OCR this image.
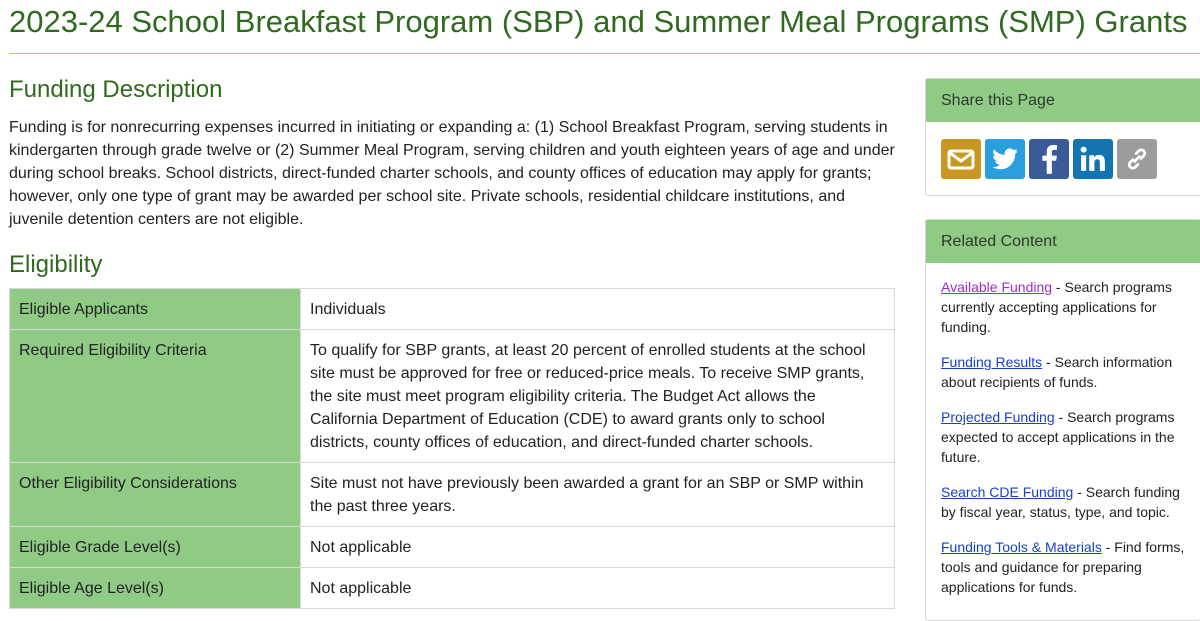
2023-24 School Breakfast Program (SBP) and Summer Meal Programs (SMP) Grants
Funding Description

Funding is for nonrecurring expenses incurred in initiating or expanding a: (1) School Breakfast Program, serving students in kindergarten through grade twelve or (2) Summer Meal Program, serving children and youth eighteen years of age and under during school breaks. School districts, direct-funded charter schools, and county offices of education may apply for grants; however, only one type of grant may be awarded per school site. Private schools, residential childcare institutions, and juvenile detention centers are not eligible.

Eligibility
Eligible Applicants	Individuals
Required Eligibility Criteria	To qualify for SBP grants, at least 20 percent of enrolled students at the school site must be approved for free or reduced-price meals. To receive SMP grants, the site must meet program eligibility criteria. The Budget Act allows the California Department of Education (CDE) to award grants only to school districts, county offices of education, and direct-funded charter schools.
Other Eligibility Considerations	Site must not have previously been awarded a grant for an SBP or SMP within the past three years.
Eligible Grade Level(s)	Not applicable
Eligible Age Level(s)	Not applicable
Share this Page
Related Content
Available Funding - Search programs currently accepting applications for funding.
Funding Results - Search information about recipients of funds.
Projected Funding - Search programs expected to accept applications in the future.
Search CDE Funding - Search funding by fiscal year, status, type, and topic.
Funding Tools & Materials - Find forms, tools and guidance for preparing applications for funds.
